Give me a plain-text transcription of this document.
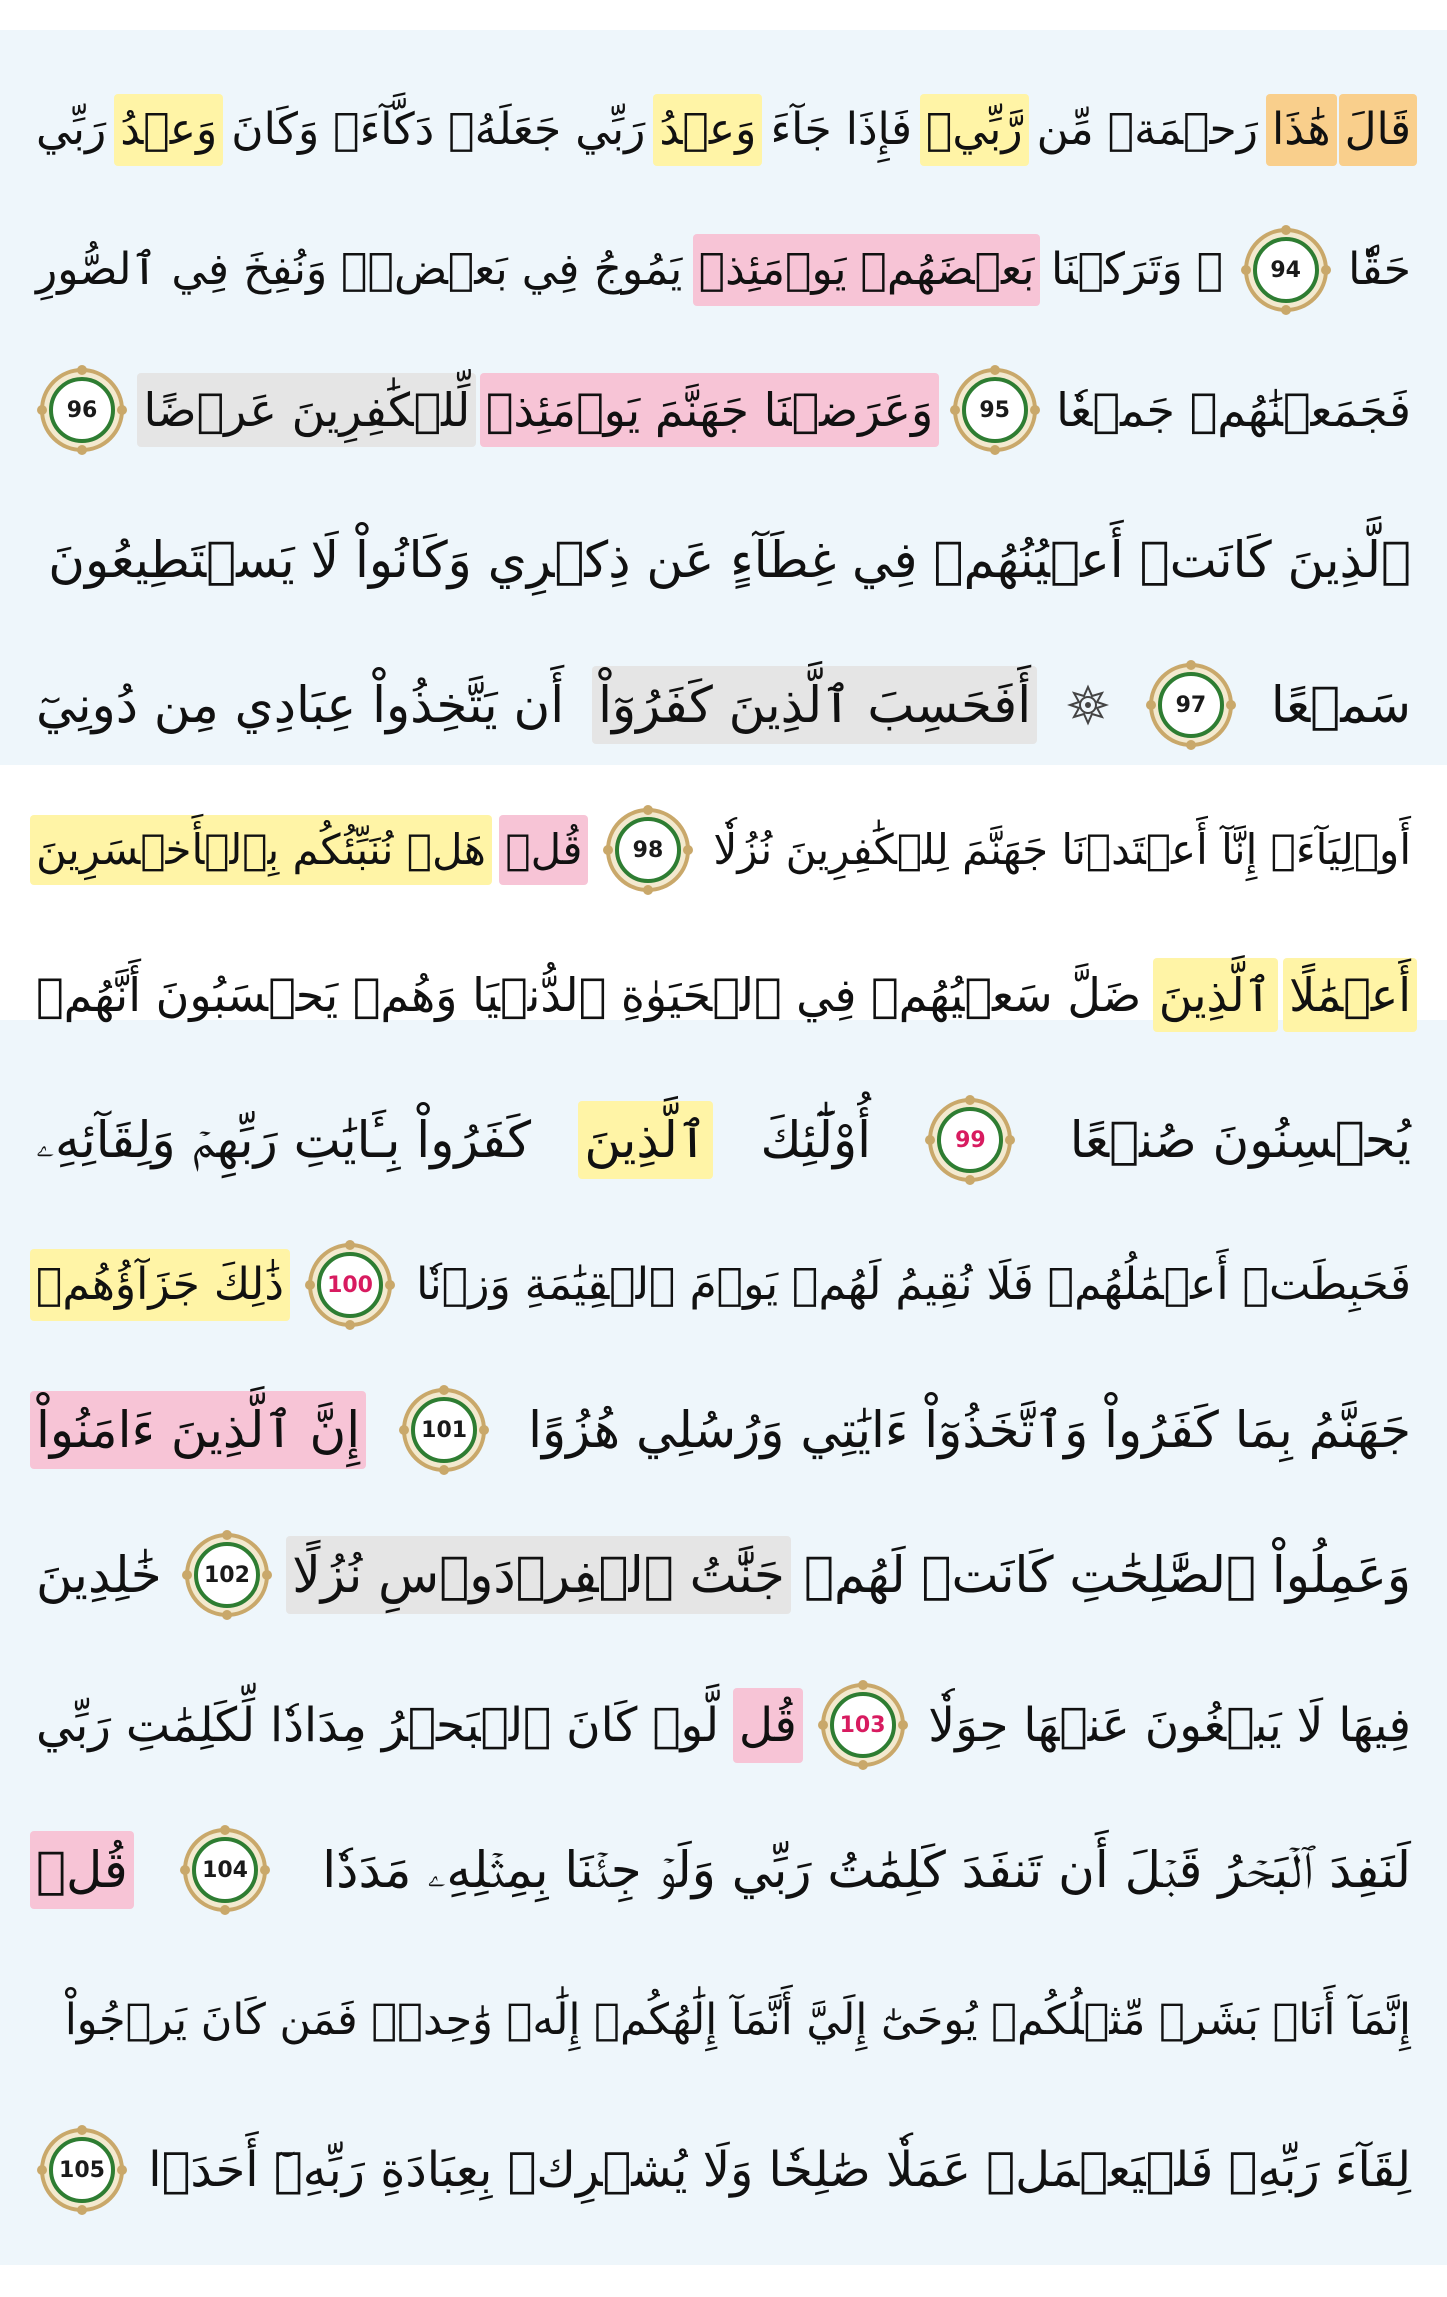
قَالَ
هَٰذَا
رَحۡمَةٞ مِّن
رَّبِّيۖ
فَإِذَا جَآءَ
وَعۡدُ
رَبِّي جَعَلَهُۥ دَكَّآءَۖ وَكَانَ
وَعۡدُ
رَبِّي
حَقّٗا
94
۞ وَتَرَكۡنَا
بَعۡضَهُمۡ يَوۡمَئِذٖ
يَمُوجُ فِي بَعۡضٖۖ وَنُفِخَ فِي ٱلصُّورِ
فَجَمَعۡنَٰهُمۡ جَمۡعٗا
95
وَعَرَضۡنَا جَهَنَّمَ يَوۡمَئِذٖ
لِّلۡكَٰفِرِينَ عَرۡضًا
96
ٱلَّذِينَ كَانَتۡ أَعۡيُنُهُمۡ فِي غِطَآءٍ عَن ذِكۡرِي وَكَانُواْ لَا يَسۡتَطِيعُونَ
سَمۡعًا
97
أَفَحَسِبَ ٱلَّذِينَ كَفَرُوٓاْ
أَن يَتَّخِذُواْ عِبَادِي مِن دُونِيٓ
أَوۡلِيَآءَۚ إِنَّآ أَعۡتَدۡنَا جَهَنَّمَ لِلۡكَٰفِرِينَ نُزُلٗا
98
قُلۡ
هَلۡ نُنَبِّئُكُم بِٱلۡأَخۡسَرِينَ
أَعۡمَٰلًا
ٱلَّذِينَ
ضَلَّ سَعۡيُهُمۡ فِي ٱلۡحَيَوٰةِ ٱلدُّنۡيَا وَهُمۡ يَحۡسَبُونَ أَنَّهُمۡ
يُحۡسِنُونَ صُنۡعًا
99
أُوْلَٰٓئِكَ
ٱلَّذِينَ
كَفَرُواْ بِـَٔايَٰتِ رَبِّهِمۡ وَلِقَآئِهِۦ
فَحَبِطَتۡ أَعۡمَٰلُهُمۡ فَلَا نُقِيمُ لَهُمۡ يَوۡمَ ٱلۡقِيَٰمَةِ وَزۡنٗا
100
ذَٰلِكَ جَزَآؤُهُمۡ
جَهَنَّمُ بِمَا كَفَرُواْ وَٱتَّخَذُوٓاْ ءَايَٰتِي وَرُسُلِي هُزُوًا
101
إِنَّ ٱلَّذِينَ ءَامَنُواْ
وَعَمِلُواْ ٱلصَّٰلِحَٰتِ كَانَتۡ لَهُمۡ
جَنَّٰتُ ٱلۡفِرۡدَوۡسِ نُزُلًا
102
خَٰلِدِينَ
فِيهَا لَا يَبۡغُونَ عَنۡهَا حِوَلٗا
103
قُل
لَّوۡ كَانَ ٱلۡبَحۡرُ مِدَادٗا لِّكَلِمَٰتِ رَبِّي
لَنَفِدَ ٱلۡبَحۡرُ قَبۡلَ أَن تَنفَدَ كَلِمَٰتُ رَبِّي وَلَوۡ جِئۡنَا بِمِثۡلِهِۦ مَدَدٗا
104
قُلۡ
إِنَّمَآ أَنَا۠ بَشَرٞ مِّثۡلُكُمۡ يُوحَىٰٓ إِلَيَّ أَنَّمَآ إِلَٰهُكُمۡ إِلَٰهٞ وَٰحِدٞۖ فَمَن كَانَ يَرۡجُواْ
لِقَآءَ رَبِّهِۦ فَلۡيَعۡمَلۡ عَمَلٗا صَٰلِحٗا وَلَا يُشۡرِكۡ بِعِبَادَةِ رَبِّهِۦٓ أَحَدَۢا
105
